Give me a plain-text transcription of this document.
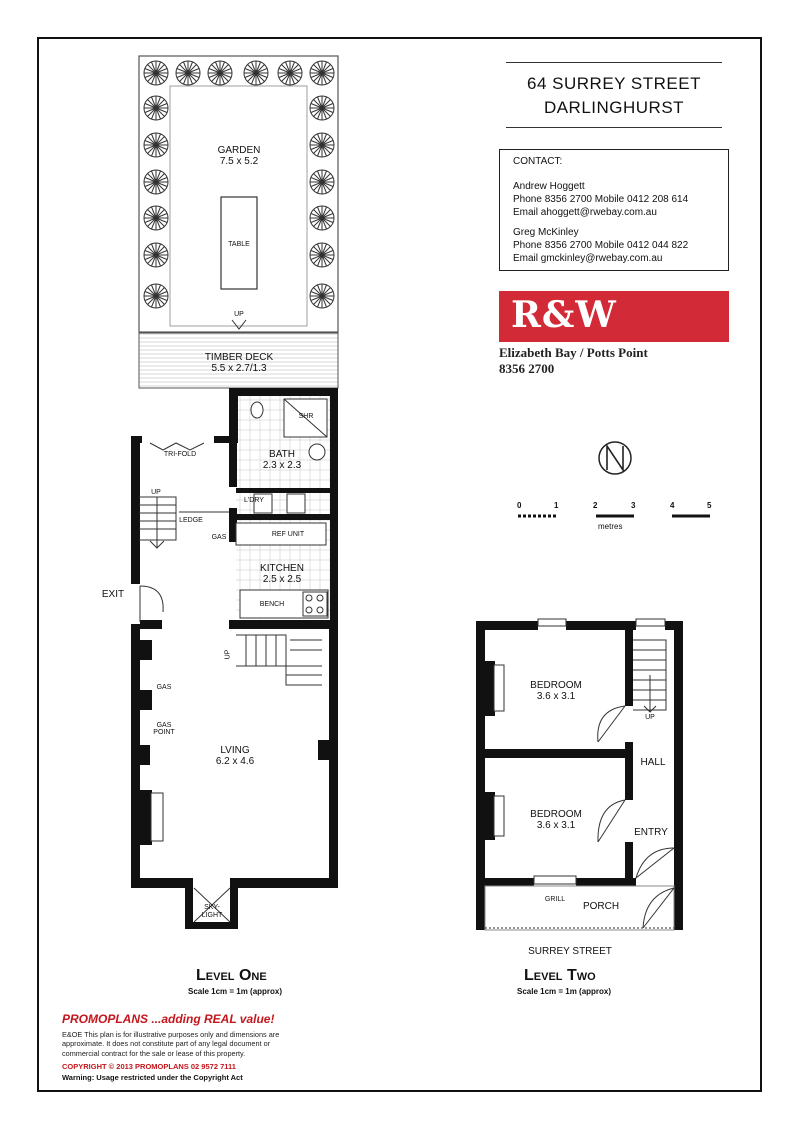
64 SURREY STREET
DARLINGHURST
CONTACT:
Andrew Hoggett
Phone 8356 2700 Mobile 0412 208 614
Email ahoggett@rwebay.com.au
Greg McKinley
Phone 8356 2700 Mobile 0412 044 822
Email gmckinley@rwebay.com.au
R&W
Elizabeth Bay / Potts Point
8356 2700
0	1	2	3	4	5
metres
GARDEN
7.5 x 5.2
TABLE
UP
TIMBER DECK
5.5 x 2.7/1.3
SHR
BATH
2.3 x 2.3
TRI-FOLD
L'DRY
UP
LEDGE
GAS	REF UNIT
KITCHEN
2.5 x 2.5
BENCH
EXIT
UP
GAS
GAS POINT
LVING
6.2 x 4.6
SKY-LIGHT
BEDROOM
3.6 x 3.1
BEDROOM
3.6 x 3.1
UP
HALL
ENTRY
GRILL
PORCH
SURREY STREET
Level One
Scale 1cm = 1m (approx)
Level Two
Scale 1cm = 1m (approx)
PROMOPLANS ...adding REAL value!
E&OE This plan is for illustrative purposes only and dimensions are approximate. It does not constitute part of any legal document or commercial contract for the sale or lease of this property.
COPYRIGHT © 2013 PROMOPLANS 02 9572 7111
Warning: Usage restricted under the Copyright Act
